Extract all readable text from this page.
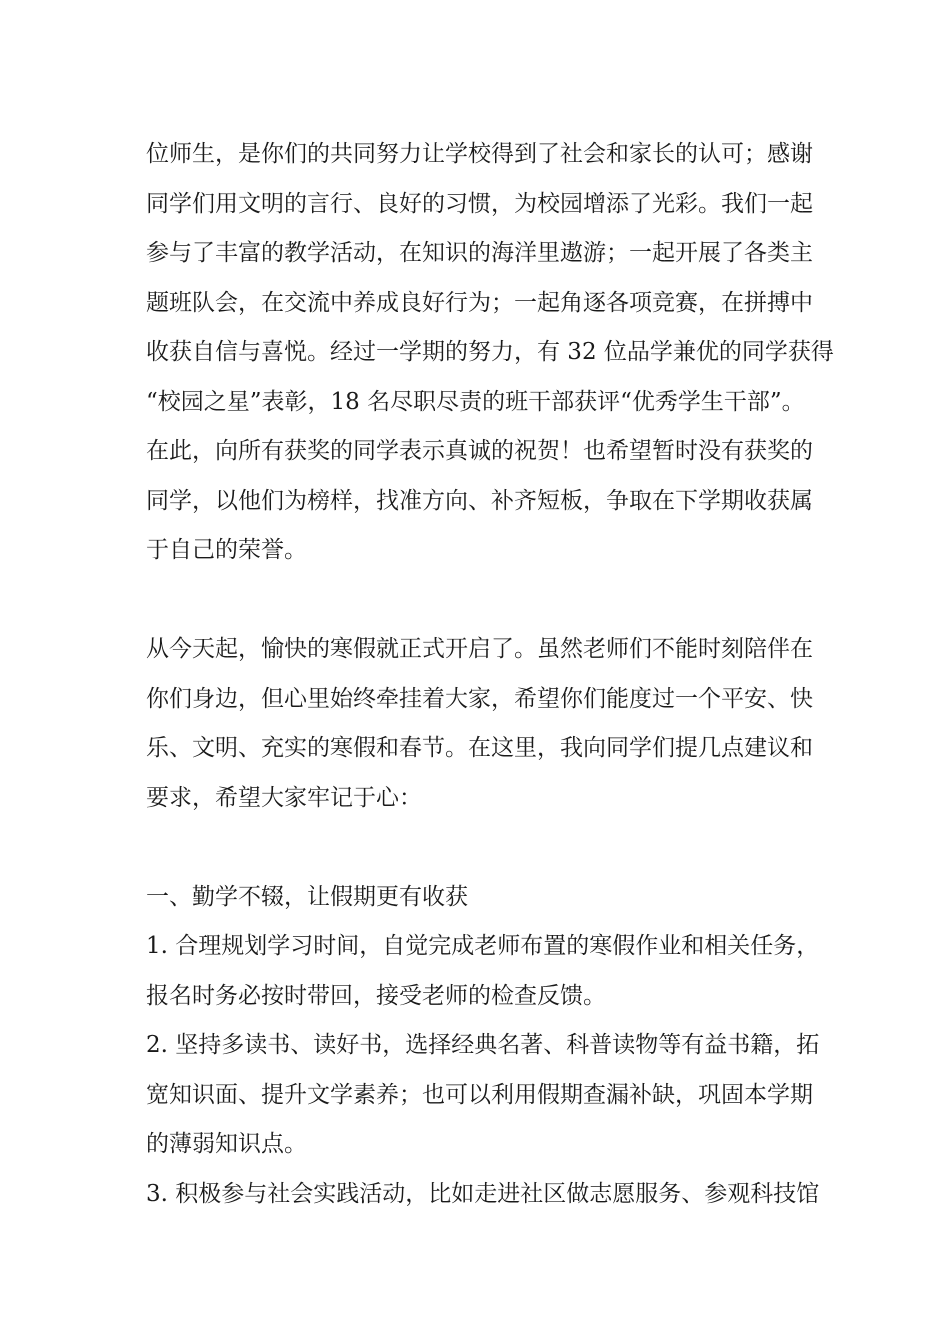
位师生，是你们的共同努力让学校得到了社会和家长的认可；感谢
同学们用文明的言行、良好的习惯，为校园增添了光彩。我们一起
参与了丰富的教学活动，在知识的海洋里遨游；一起开展了各类主
题班队会，在交流中养成良好行为；一起角逐各项竞赛，在拼搏中
收获自信与喜悦。经过一学期的努力，有 32 位品学兼优的同学获得
“校园之星”表彰，18 名尽职尽责的班干部获评“优秀学生干部”。
在此，向所有获奖的同学表示真诚的祝贺！也希望暂时没有获奖的
同学，以他们为榜样，找准方向、补齐短板，争取在下学期收获属
于自己的荣誉。
从今天起，愉快的寒假就正式开启了。虽然老师们不能时刻陪伴在
你们身边，但心里始终牵挂着大家，希望你们能度过一个平安、快
乐、文明、充实的寒假和春节。在这里，我向同学们提几点建议和
要求，希望大家牢记于心：
一、勤学不辍，让假期更有收获
1. 合理规划学习时间，自觉完成老师布置的寒假作业和相关任务，
报名时务必按时带回，接受老师的检查反馈。
2. 坚持多读书、读好书，选择经典名著、科普读物等有益书籍，拓
宽知识面、提升文学素养；也可以利用假期查漏补缺，巩固本学期
的薄弱知识点。
3. 积极参与社会实践活动，比如走进社区做志愿服务、参观科技馆
